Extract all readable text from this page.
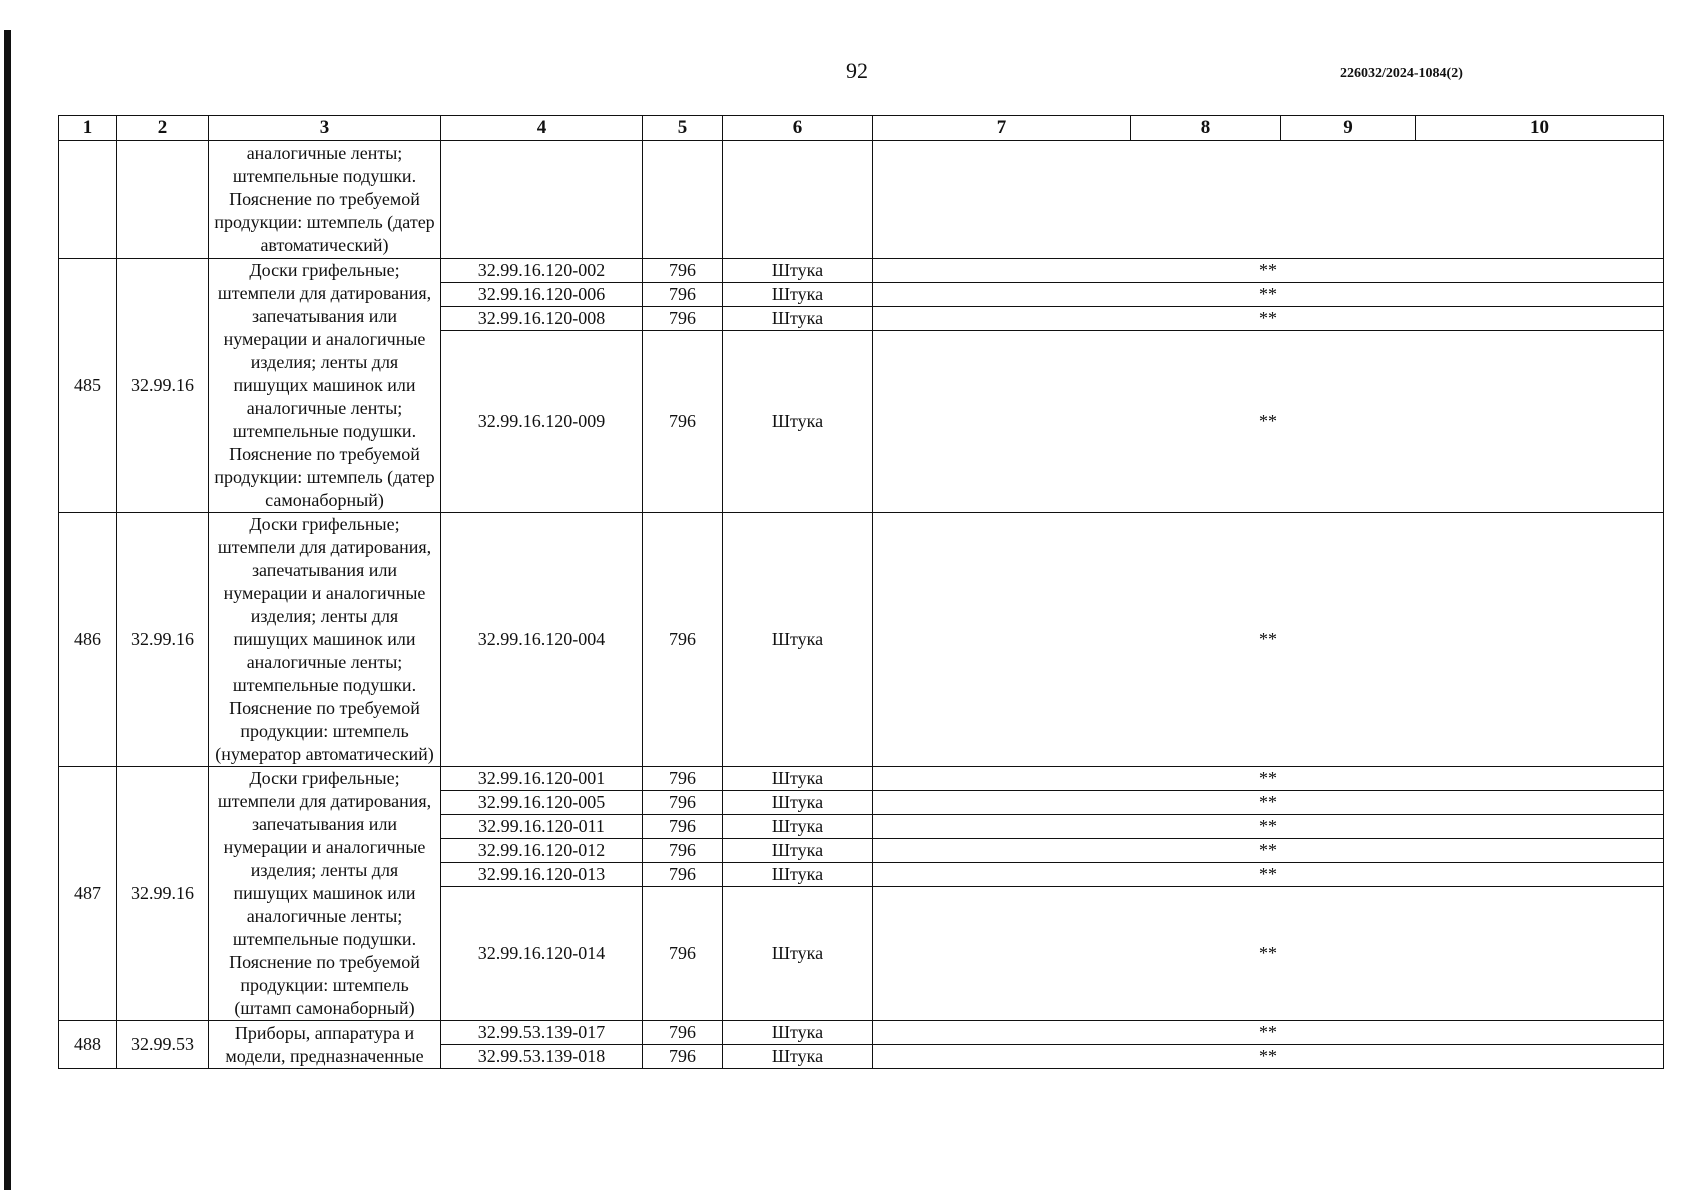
92	226032/2024-1084(2)
1	2	3	4	5	6	7	8	9	10
		аналогичные ленты; штемпельные подушки. Пояснение по требуемой продукции: штемпель (датер автоматический)							
485	32.99.16	Доски грифельные; штемпели для датирования, запечатывания или нумерации и аналогичные изделия; ленты для пишущих машинок или аналогичные ленты; штемпельные подушки. Пояснение по требуемой продукции: штемпель (датер самонаборный)	32.99.16.120-002	796	Штука	**			
			32.99.16.120-006	796	Штука	**			
			32.99.16.120-008	796	Штука	**			
			32.99.16.120-009	796	Штука	**			
486	32.99.16	Доски грифельные; штемпели для датирования, запечатывания или нумерации и аналогичные изделия; ленты для пишущих машинок или аналогичные ленты; штемпельные подушки. Пояснение по требуемой продукции: штемпель (нумератор автоматический)	32.99.16.120-004	796	Штука	**			
487	32.99.16	Доски грифельные; штемпели для датирования, запечатывания или нумерации и аналогичные изделия; ленты для пишущих машинок или аналогичные ленты; штемпельные подушки. Пояснение по требуемой продукции: штемпель (штамп самонаборный)	32.99.16.120-001	796	Штука	**			
			32.99.16.120-005	796	Штука	**			
			32.99.16.120-011	796	Штука	**			
			32.99.16.120-012	796	Штука	**			
			32.99.16.120-013	796	Штука	**			
			32.99.16.120-014	796	Штука	**			
488	32.99.53	Приборы, аппаратура и модели, предназначенные	32.99.53.139-017	796	Штука	**			
			32.99.53.139-018	796	Штука	**			
